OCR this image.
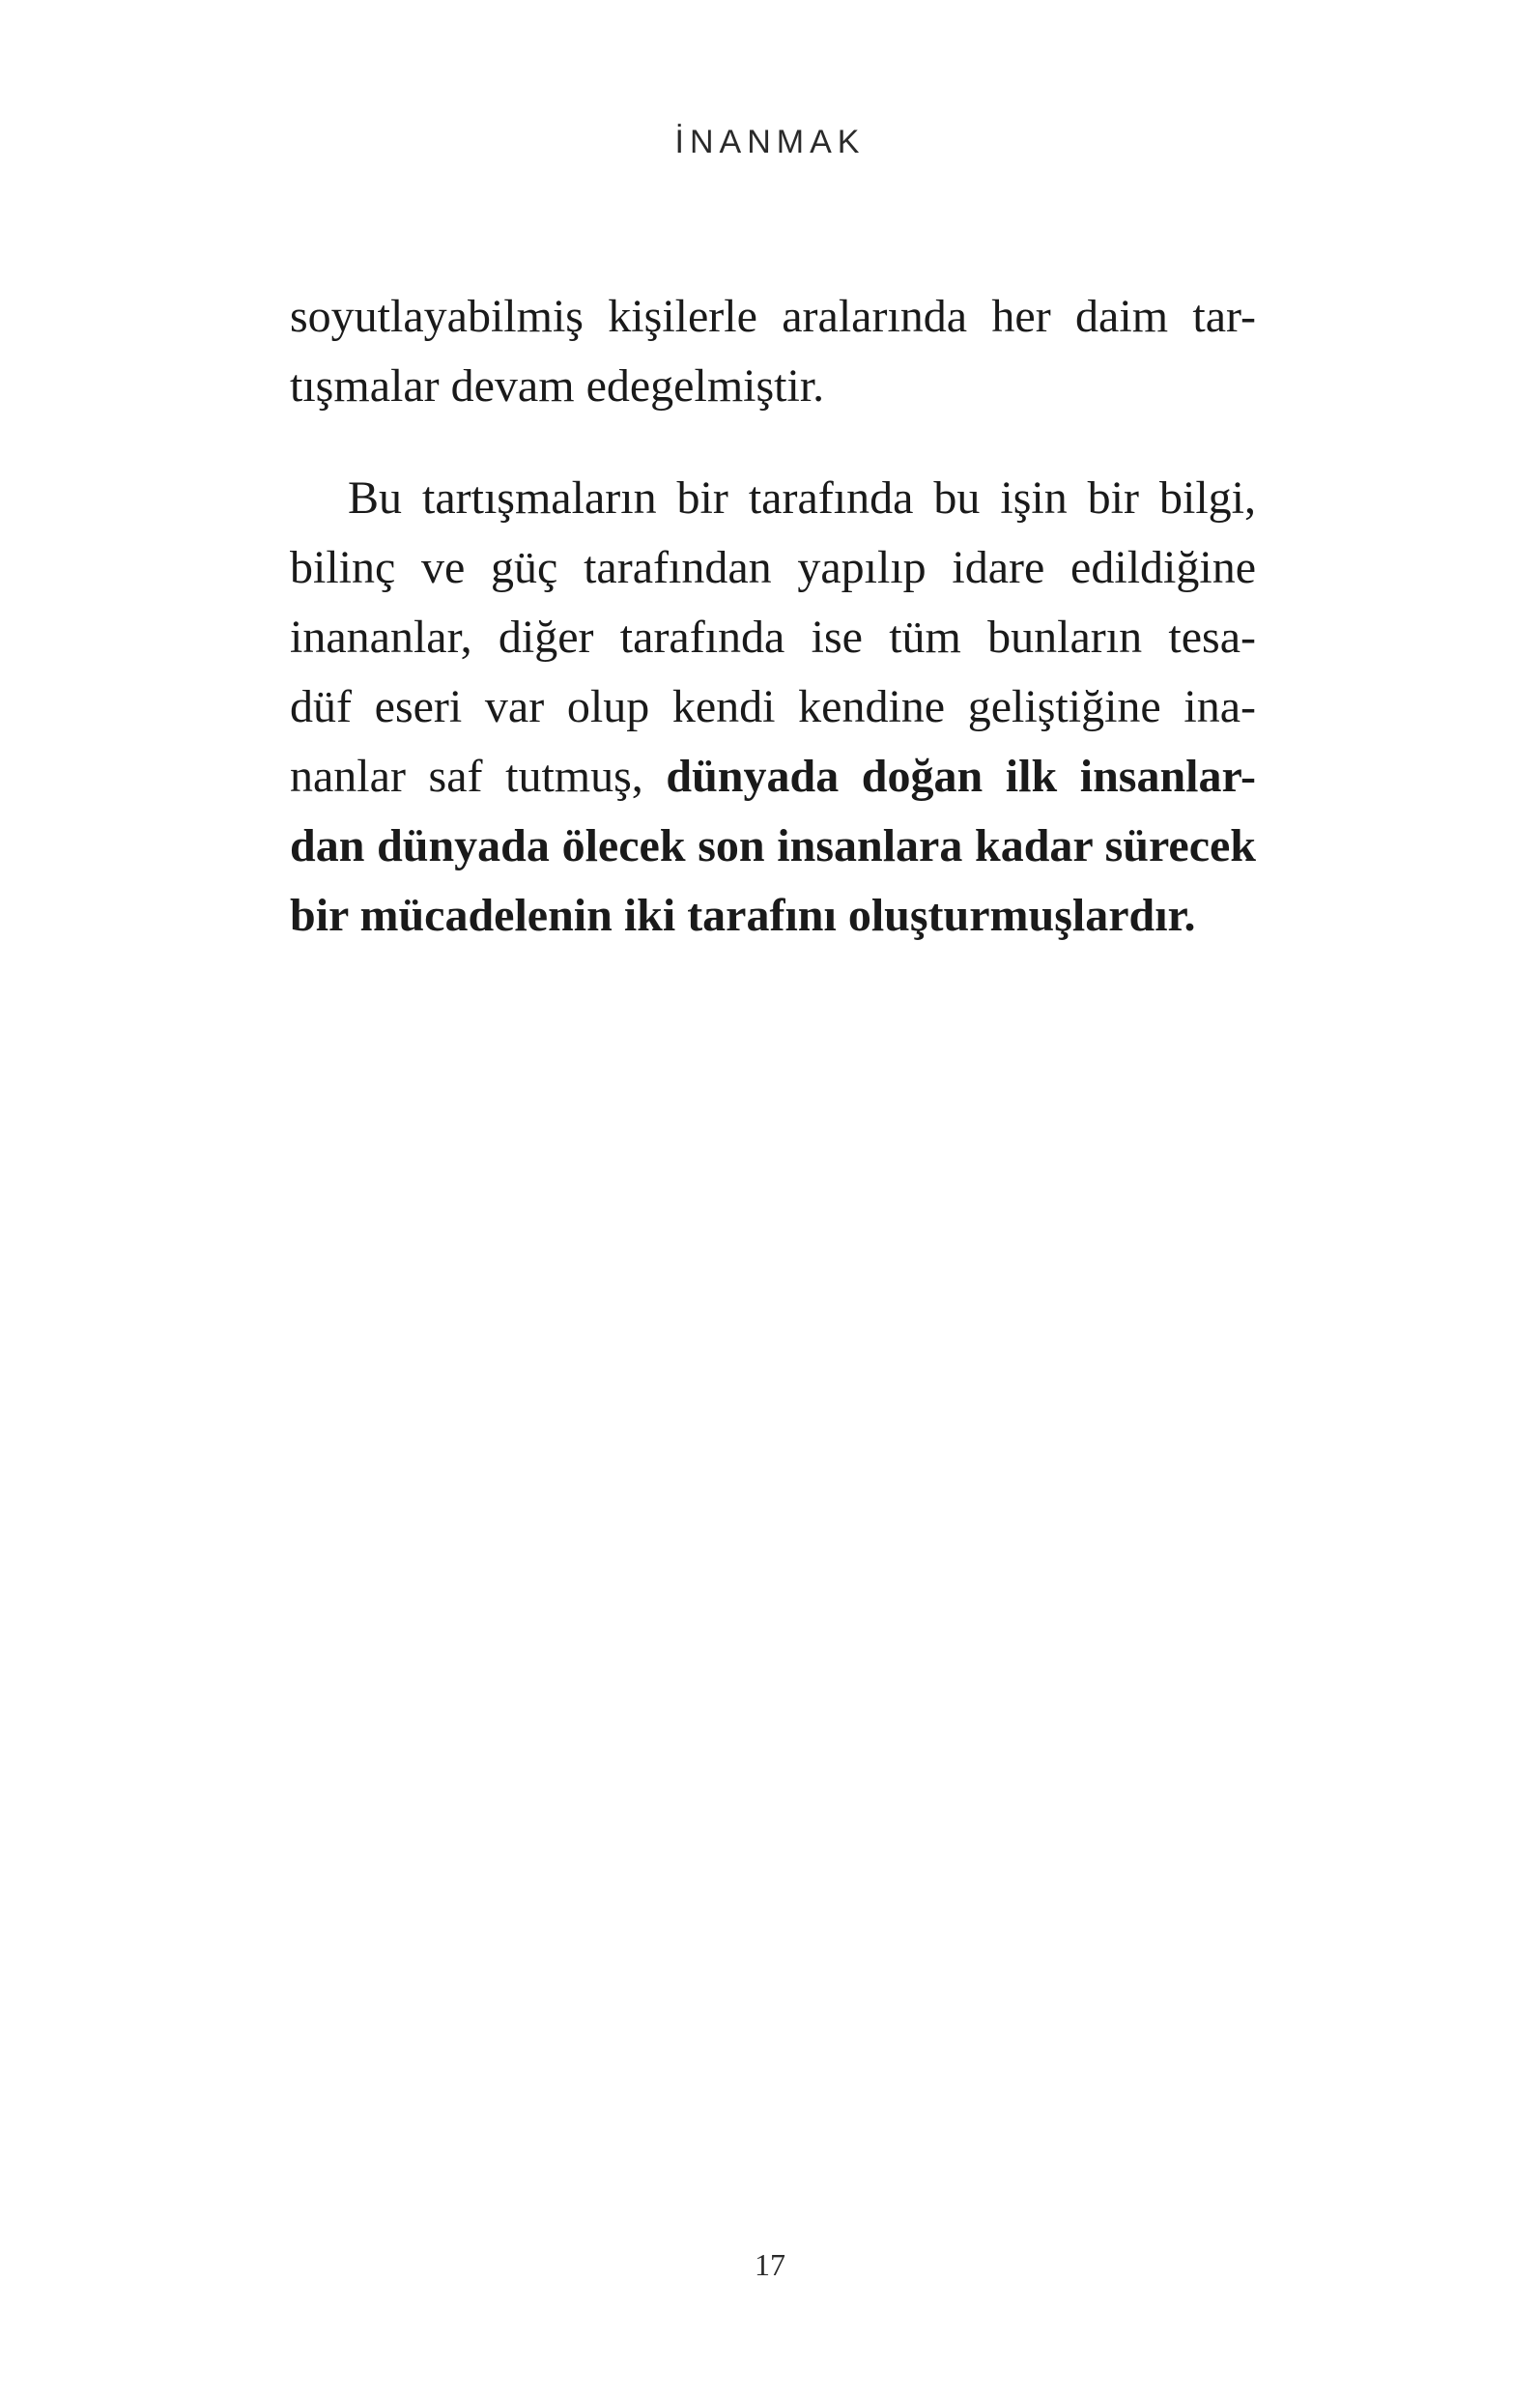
İNANMAK
soyutlayabilmiş kişilerle aralarında her daim tar-
tışmalar devam edegelmiştir.
Bu tartışmaların bir tarafında bu işin bir bilgi,
bilinç ve güç tarafından yapılıp idare edildiğine
inananlar, diğer tarafında ise tüm bunların tesa-
düf eseri var olup kendi kendine geliştiğine ina-
nanlar saf tutmuş, dünyada doğan ilk insanlar-
dan dünyada ölecek son insanlara kadar sürecek
bir mücadelenin iki tarafını oluşturmuşlardır.
17
